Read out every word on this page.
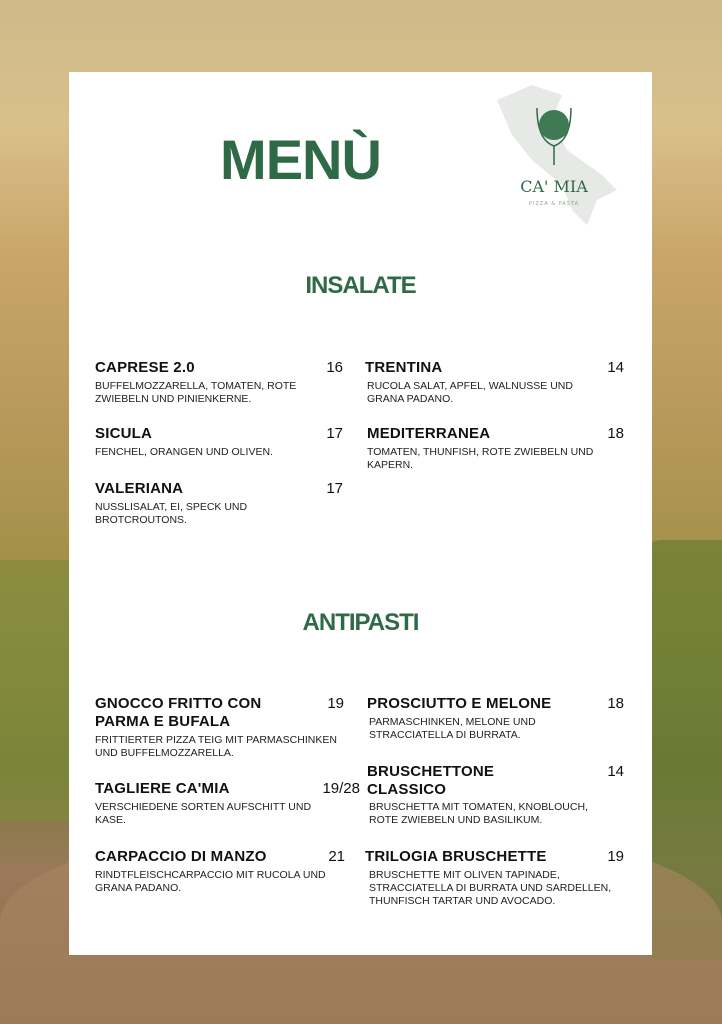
MENÙ	CA' MIA
PIZZA & PASTA
INSALATE
CAPRESE 2.0	16
BUFFELMOZZARELLA, TOMATEN, ROTE ZWIEBELN UND PINIENKERNE.
SICULA	17
FENCHEL, ORANGEN UND OLIVEN.
VALERIANA	17
NUSSLISALAT, EI, SPECK UND BROTCROUTONS.
TRENTINA	14
RUCOLA SALAT, APFEL, WALNUSSE UND GRANA PADANO.
MEDITERRANEA	18
TOMATEN, THUNFISH, ROTE ZWIEBELN UND KAPERN.
ANTIPASTI
GNOCCO FRITTO CON PARMA E BUFALA
19
FRITTIERTER PIZZA TEIG MIT PARMASCHINKEN UND BUFFELMOZZARELLA.
TAGLIERE CA'MIA	19/28
VERSCHIEDENE SORTEN AUFSCHITT UND KASE.
CARPACCIO DI MANZO	21
RINDTFLEISCHCARPACCIO MIT RUCOLA UND GRANA PADANO.
PROSCIUTTO E MELONE	18
PARMASCHINKEN, MELONE UND STRACCIATELLA DI BURRATA.
BRUSCHETTONE CLASSICO
14
BRUSCHETTA MIT TOMATEN, KNOBLOUCH, ROTE ZWIEBELN UND BASILIKUM.
TRILOGIA BRUSCHETTE	19
BRUSCHETTE MIT OLIVEN TAPINADE, STRACCIATELLA DI BURRATA UND SARDELLEN, THUNFISCH TARTAR UND AVOCADO.
